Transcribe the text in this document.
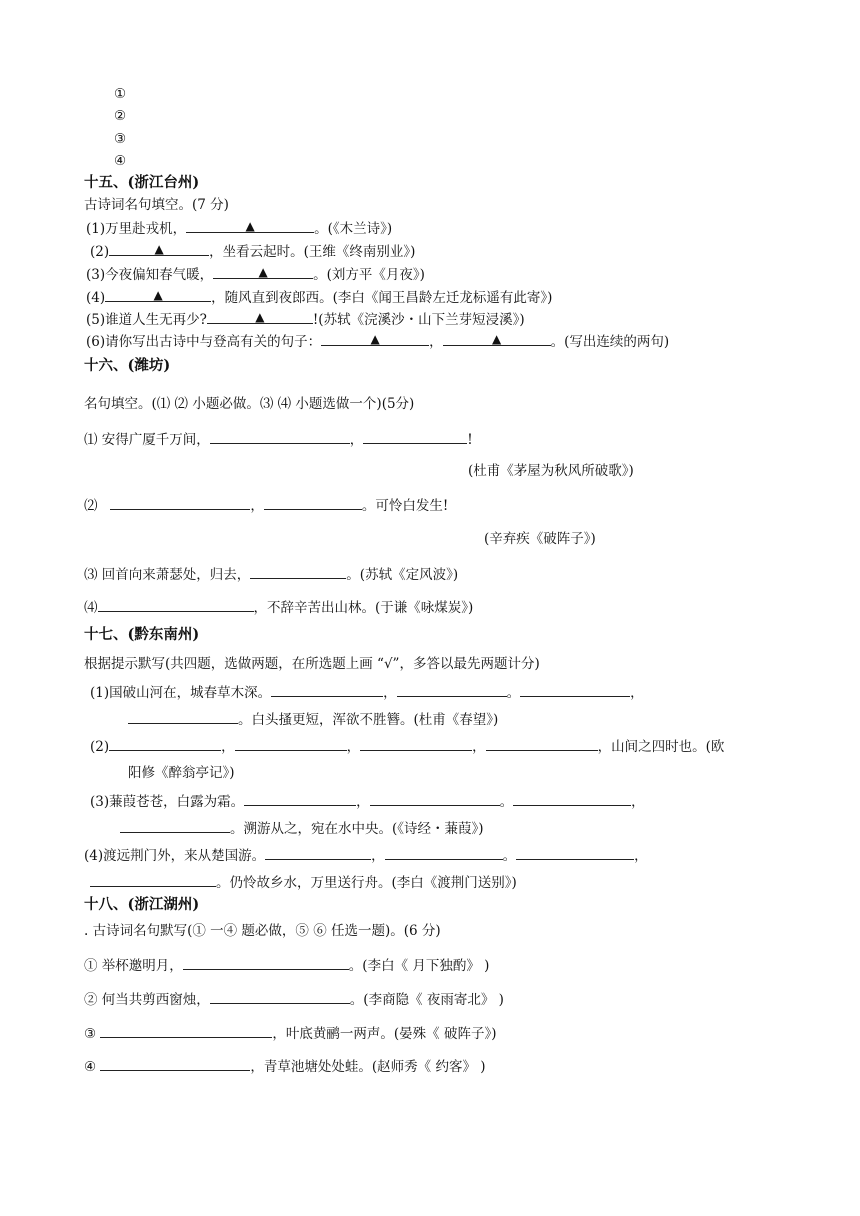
①
②
③
④
十五、(浙江台州)
古诗词名句填空。(7 分)
(1)万里赴戎机，	▲	。(《木兰诗》)
(2)	▲	，坐看云起时。(王维《终南别业》)
(3)今夜偏知春气暖，	▲	。(刘方平《月夜》)
(4)	▲	，随风直到夜郎西。(李白《闻王昌龄左迁龙标遥有此寄》)
(5)谁道人生无再少?	▲	!(苏轼《浣溪沙・山下兰芽短浸溪》)
(6)请你写出古诗中与登高有关的句子：	▲	，	▲	。(写出连续的两句)
十六、(潍坊)
名句填空。(⑴ ⑵ 小题必做。⑶ ⑷ 小题选做一个)(5分)
⑴ 安得广厦千万间，	，	!
(杜甫《茅屋为秋风所破歌》)
⑵	，	。可怜白发生!
(辛弃疾《破阵子》)
⑶ 回首向来萧瑟处，归去，	。(苏轼《定风波》)
⑷	，不辞辛苦出山林。(于谦《咏煤炭》)
十七、(黔东南州)
根据提示默写(共四题，选做两题，在所选题上画 “√”，多答以最先两题计分)
(1)国破山河在，城春草木深。	，	。	，
。白头搔更短，浑欲不胜簪。(杜甫《春望》)
(2)	，	，	，	，山间之四时也。(欧
阳修《醉翁亭记》)
(3)蒹葭苍苍，白露为霜。	，	。	，
。溯游从之，宛在水中央。(《诗经・蒹葭》)
(4)渡远荆门外，来从楚国游。	，	。	，
。仍怜故乡水，万里送行舟。(李白《渡荆门送别》)
十八、(浙江湖州)
. 古诗词名句默写(① 一④ 题必做，⑤ ⑥ 任选一题)。(6 分)
① 举杯邀明月，	。(李白《 月下独酌》 )
② 何当共剪西窗烛，	。(李商隐《 夜雨寄北》 )
③	，叶底黄鹂一两声。(晏殊《 破阵子》)
④	，青草池塘处处蛙。(赵师秀《 约客》 )
